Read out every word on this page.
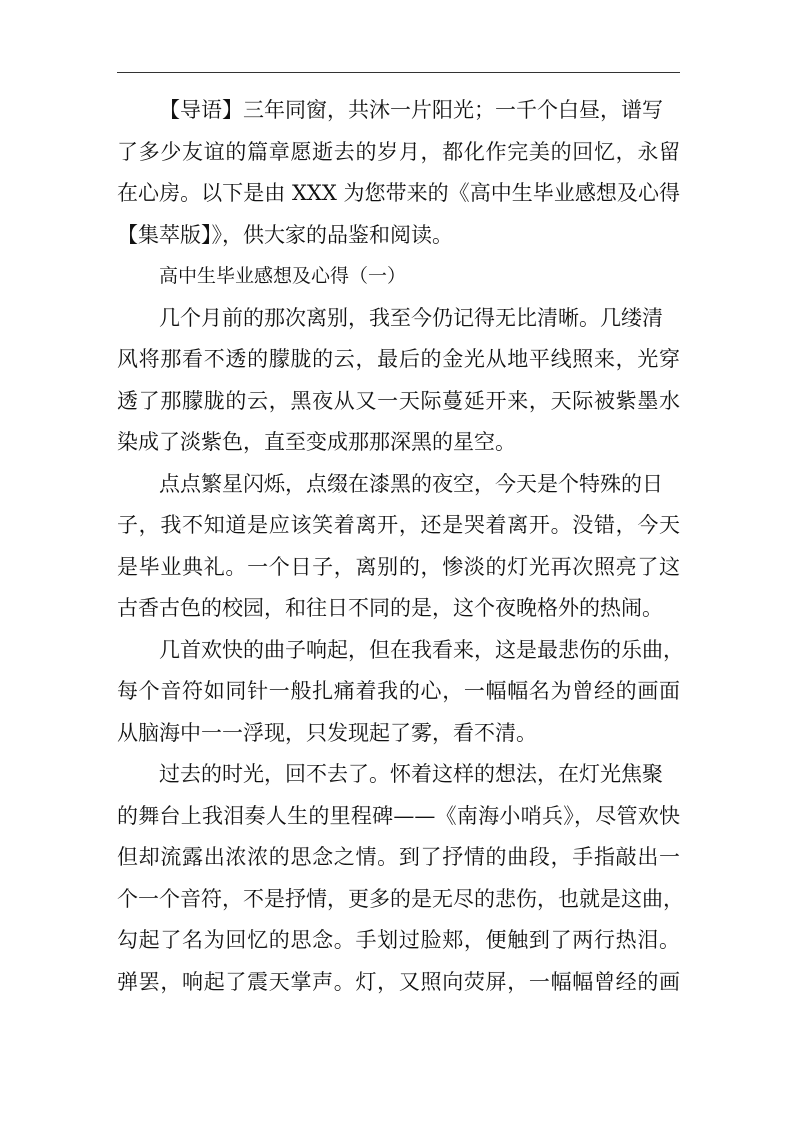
【导语】三年同窗，共沐一片阳光；一千个白昼，谱写
了多少友谊的篇章愿逝去的岁月，都化作完美的回忆，永留
在心房。以下是由 XXX 为您带来的《高中生毕业感想及心得
【集萃版】》，供大家的品鉴和阅读。
高中生毕业感想及心得（一）
几个月前的那次离别，我至今仍记得无比清晰。几缕清
风将那看不透的朦胧的云，最后的金光从地平线照来，光穿
透了那朦胧的云，黑夜从又一天际蔓延开来，天际被紫墨水
染成了淡紫色，直至变成那那深黑的星空。
点点繁星闪烁，点缀在漆黑的夜空，今天是个特殊的日
子，我不知道是应该笑着离开，还是哭着离开。没错，今天
是毕业典礼。一个日子，离别的，惨淡的灯光再次照亮了这
古香古色的校园，和往日不同的是，这个夜晚格外的热闹。
几首欢快的曲子响起，但在我看来，这是最悲伤的乐曲，
每个音符如同针一般扎痛着我的心，一幅幅名为曾经的画面
从脑海中一一浮现，只发现起了雾，看不清。
过去的时光，回不去了。怀着这样的想法，在灯光焦聚
的舞台上我泪奏人生的里程碑——《南海小哨兵》，尽管欢快
但却流露出浓浓的思念之情。到了抒情的曲段，手指敲出一
个一个音符，不是抒情，更多的是无尽的悲伤，也就是这曲，
勾起了名为回忆的思念。手划过脸郏，便触到了两行热泪。
弹罢，响起了震天掌声。灯，又照向荧屏，一幅幅曾经的画
